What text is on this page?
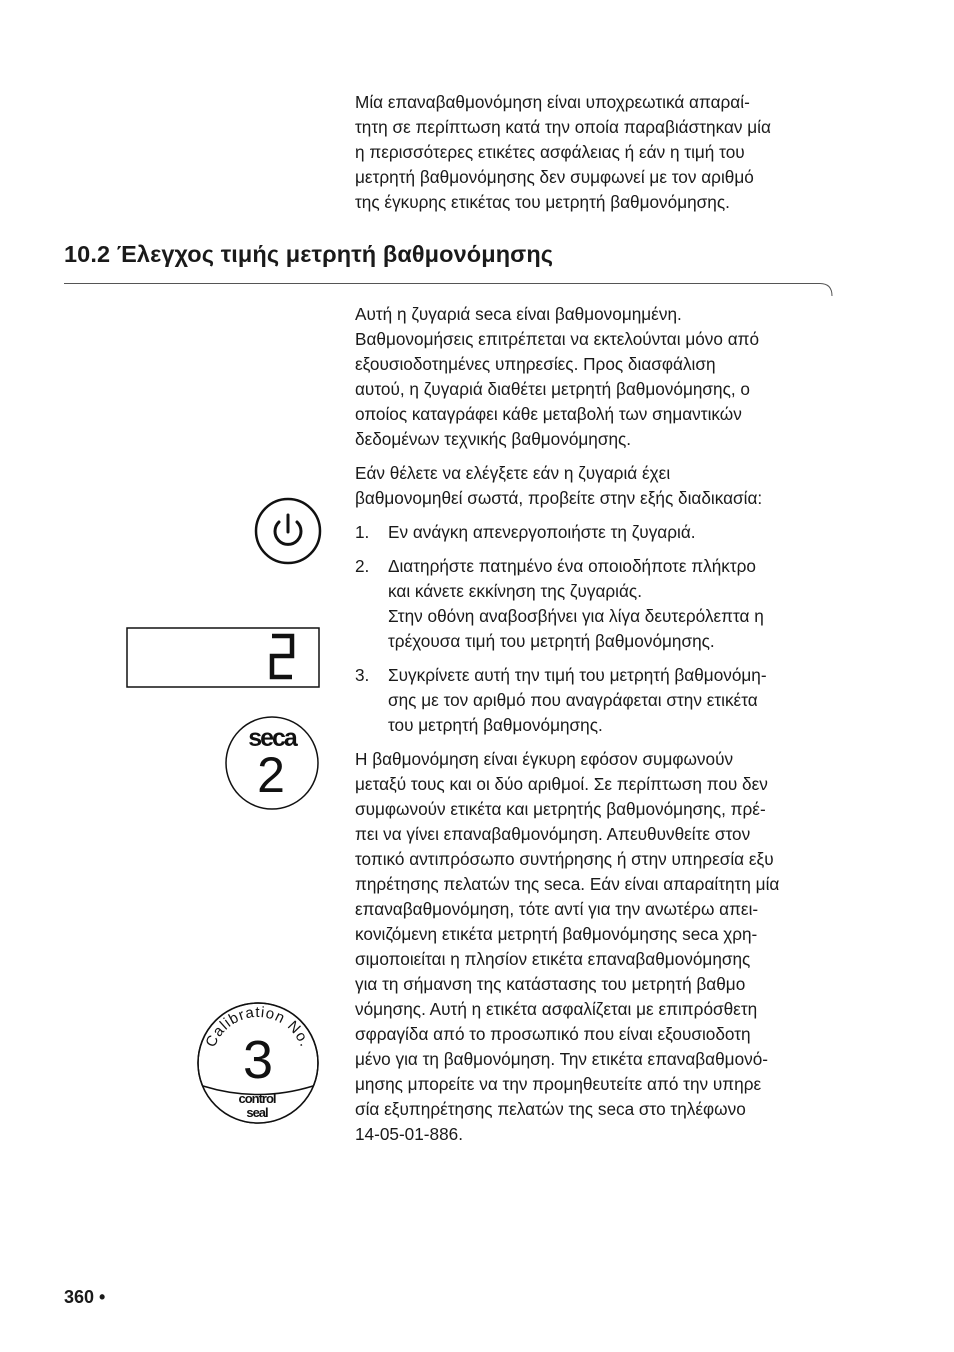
Μία επαναβαθμονόμηση είναι υποχρεωτικά απαραί-

τητη σε περίπτωση κατά την οποία παραβιάστηκαν μία

η περισσότερες ετικέτες ασφάλειας ή εάν η τιμή του

μετρητή βαθμονόμησης δεν συμφωνεί με τον αριθμό

της έγκυρης ετικέτας του μετρητή βαθμονόμησης.

10.2 Έλεγχος τιμής μετρητή βαθμονόμησης

Αυτή η ζυγαριά seca είναι βαθμονομημένη.

Βαθμονομήσεις επιτρέπεται να εκτελούνται μόνο από

εξουσιοδοτημένες υπηρεσίες. Προς διασφάλιση

αυτού, η ζυγαριά διαθέτει μετρητή βαθμονόμησης, ο

οποίος καταγράφει κάθε μεταβολή των σημαντικών

δεδομένων τεχνικής βαθμονόμησης.

Εάν θέλετε να ελέγξετε εάν η ζυγαριά έχει

βαθμονομηθεί σωστά, προβείτε στην εξής διαδικασία:

1. Εν ανάγκη απενεργοποιήστε τη ζυγαριά.

2. Διατηρήστε πατημένο ένα οποιοδήποτε πλήκτρο

και κάνετε εκκίνηση της ζυγαριάς.

Στην οθόνη αναβοσβήνει για λίγα δευτερόλεπτα η

τρέχουσα τιμή του μετρητή βαθμονόμησης.

3. Συγκρίνετε αυτή την τιμή του μετρητή βαθμονόμη-

σης με τον αριθμό που αναγράφεται στην ετικέτα

του μετρητή βαθμονόμησης.

Η βαθμονόμηση είναι έγκυρη εφόσον συμφωνούν

μεταξύ τους και οι δύο αριθμοί. Σε περίπτωση που δεν

συμφωνούν ετικέτα και μετρητής βαθμονόμησης, πρέ-

πει να γίνει επαναβαθμονόμηση. Απευθυνθείτε στον

τοπικό αντιπρόσωπο συντήρησης ή στην υπηρεσία εξυ

πηρέτησης πελατών της seca. Εάν είναι απαραίτητη μία

επαναβαθμονόμηση, τότε αντί για την ανωτέρω απει-

κονιζόμενη ετικέτα μετρητή βαθμονόμησης seca χρη-

σιμοποιείται η πλησίον ετικέτα επαναβαθμονόμησης

για τη σήμανση της κατάστασης του μετρητή βαθμο

νόμησης. Αυτή η ετικέτα ασφαλίζεται με επιπρόσθετη

σφραγίδα από το προσωπικό που είναι εξουσιοδοτη

μένο για τη βαθμονόμηση. Την ετικέτα επαναβαθμονό-

μησης μπορείτε να την προμηθευτείτε από την υπηρε

σία εξυπηρέτησης πελατών της seca στο τηλέφωνο

14-05-01-886.

seca
2
Calibration No.
3
control
seal
360 •
